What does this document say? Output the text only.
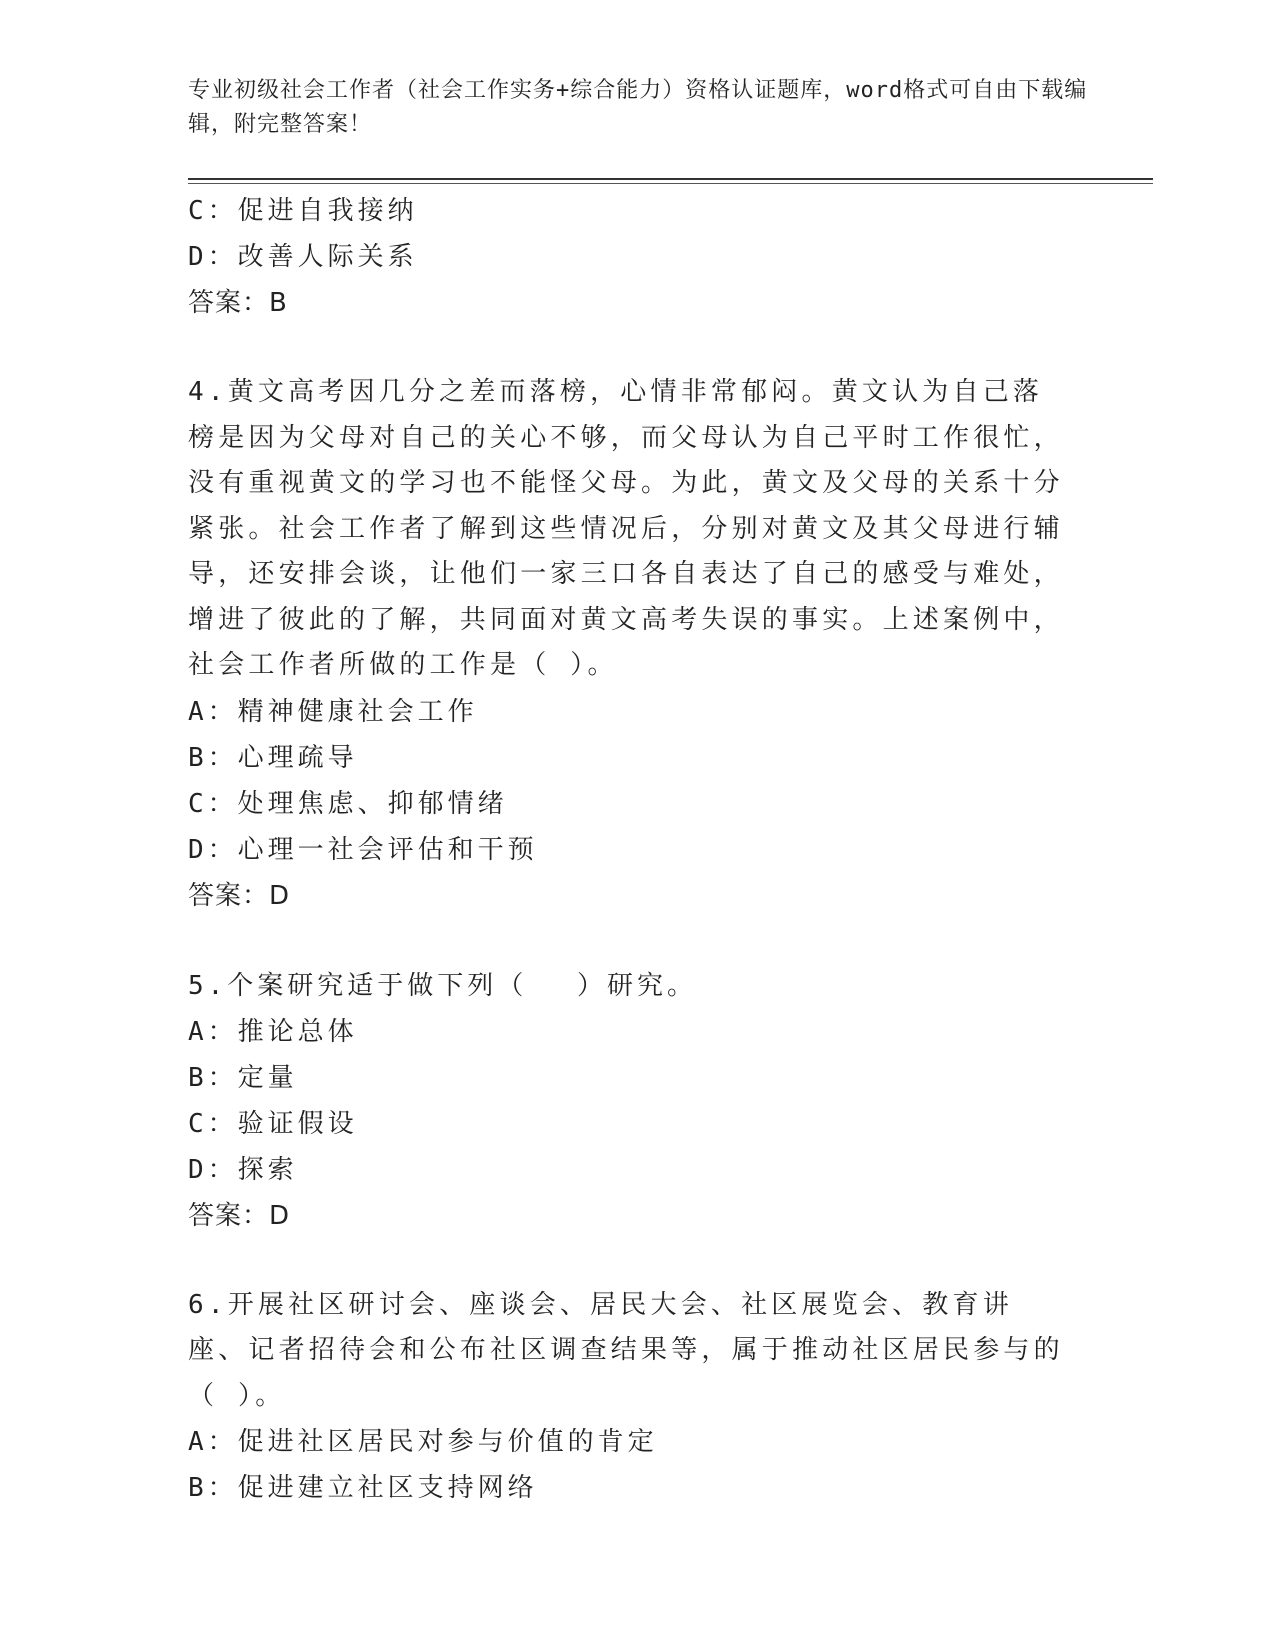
专业初级社会工作者（社会工作实务+综合能力）资格认证题库，word格式可自由下载编辑，附完整答案！
C：促进自我接纳
D：改善人际关系
答案：B
4.黄文高考因几分之差而落榜，心情非常郁闷。黄文认为自己落榜是因为父母对自己的关心不够，而父母认为自己平时工作很忙，没有重视黄文的学习也不能怪父母。为此，黄文及父母的关系十分紧张。社会工作者了解到这些情况后，分别对黄文及其父母进行辅导，还安排会谈，让他们一家三口各自表达了自己的感受与难处，增进了彼此的了解，共同面对黄文高考失误的事实。上述案例中，社会工作者所做的工作是（ ）。
A：精神健康社会工作
B：心理疏导
C：处理焦虑、抑郁情绪
D：心理一社会评估和干预
答案：D
5.个案研究适于做下列（　 ）研究。
A：推论总体
B：定量
C：验证假设
D：探索
答案：D
6.开展社区研讨会、座谈会、居民大会、社区展览会、教育讲座、记者招待会和公布社区调查结果等，属于推动社区居民参与的（ ）。
A：促进社区居民对参与价值的肯定
B：促进建立社区支持网络
